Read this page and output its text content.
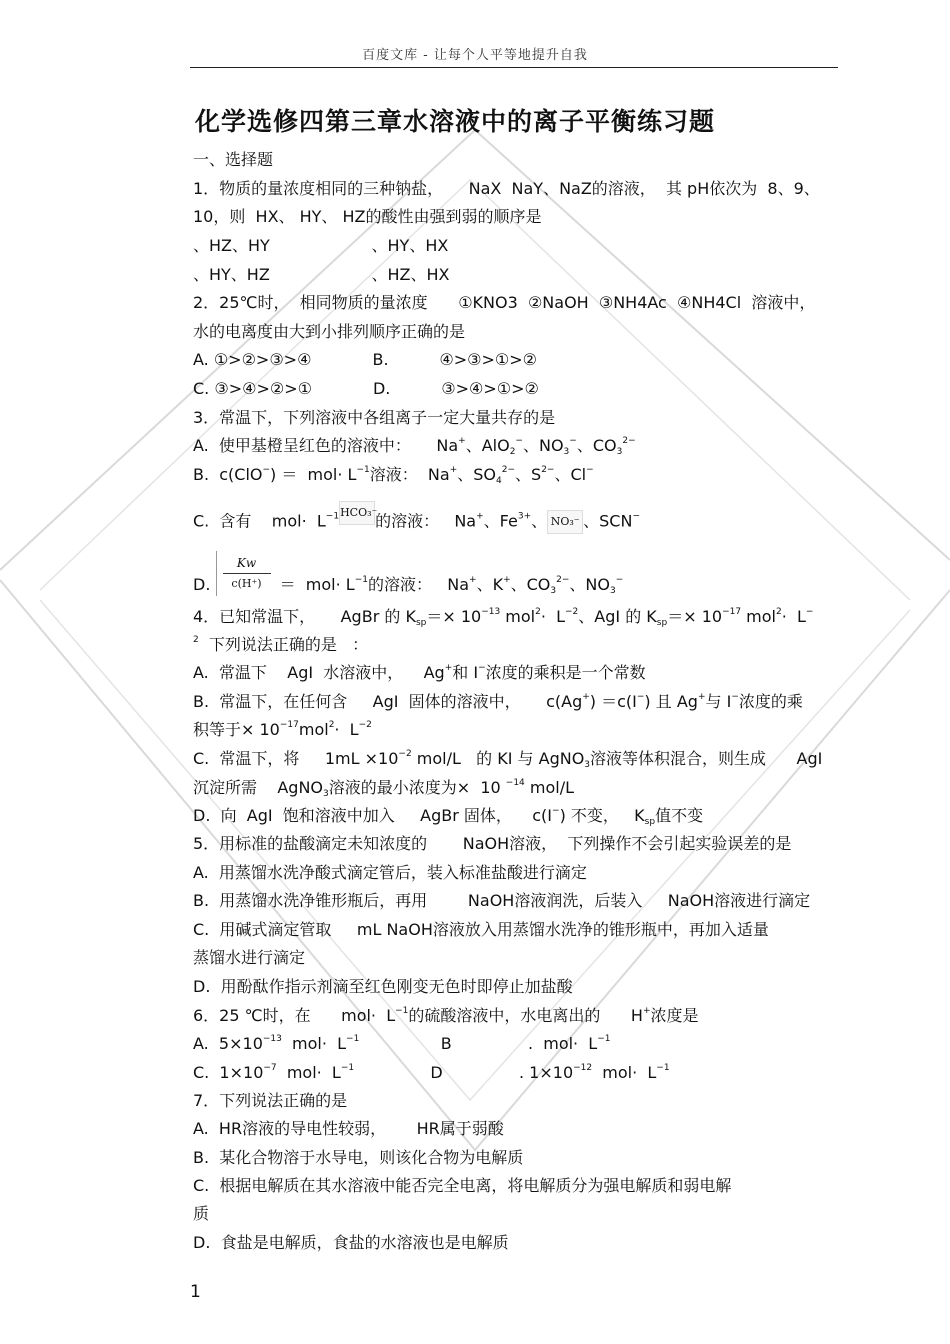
百度文库 - 让每个人平等地提升自我
化学选修四第三章水溶液中的离子平衡练习题
一、选择题
1．物质的量浓度相同的三种钠盐，     NaX  NaY、NaZ的溶液，  其 pH依次为  8、9、
10，则  HX、 HY、 HZ的酸性由强到弱的顺序是
、HZ、HY                    、HY、HX
、HY、HZ                    、HZ、HX
2．25℃时，  相同物质的量浓度      ①KNO3  ②NaOH  ③NH4Ac  ④NH4Cl  溶液中，
水的电离度由大到小排列顺序正确的是
A. ①>②>③>④            B.          ④>③>①>②
C. ③>④>②>①            D.          ③>④>①>②
3．常温下，下列溶液中各组离子一定大量共存的是
A.  使甲基橙呈红色的溶液中：     Na+、AlO$_2$−、$NO_3^-$、$CO_3^{2-}$
B.  $c(ClO^-) = mol\cdot L^{-1}$溶液：  Na+、$SO_4^{2-}$、$S^{2-}$、Cl−
C.  含有    $mol\cdot L^{-1}HCO_3^-$的溶液：   Na+、$Fe^{3+}$、 NO₃⁻ 、SCN−
D. $\frac{Kw}{c(H^+)} = mol\cdot L^{-1}$的溶液：   Na+、K+、$CO_3^{2-}$、$NO_3^-$
4．已知常温下，     AgBr 的 $K_{sp}=\times 10^{-13}$ $mol^2\cdot L^{-2}$、AgI 的 $K_{sp}=\times 10^{-17}$ mol$^2$·  L−
$^2$ 下列说法正确的是   ：
A.  常温下    AgI  水溶液中，    Ag+和 I−浓度的乘积是一个常数
B.  常温下，在任何含     AgI  固体的溶液中，     c(Ag+) ＝c(I−) 且 Ag+与 I−浓度的乘
积等于× $10^{-17}mol^2\cdot L^{-2}$
C.  常温下，将     $1mL \times 10^{-2}$ mol/L   的 KI 与 AgNO$_3$溶液等体积混合，则生成      AgI
沉淀所需    AgNO$_3$溶液的最小浓度为×  10 $^{-14}$ mol/L
D.  向  AgI  饱和溶液中加入     AgBr 固体，    c(I−) 不变，   $K_{sp}$值不变
5．用标准的盐酸滴定未知浓度的       NaOH溶液，  下列操作不会引起实验误差的是
A.  用蒸馏水洗净酸式滴定管后，装入标准盐酸进行滴定
B.  用蒸馏水洗净锥形瓶后，再用        NaOH溶液润洗，后装入     NaOH溶液进行滴定
C.  用碱式滴定管取     mL NaOH溶液放入用蒸馏水洗净的锥形瓶中，再加入适量
蒸馏水进行滴定
D.  用酚酞作指示剂滴至红色刚变无色时即停止加盐酸
6．25 ℃时，在      $mol\cdot L^{-1}$的硫酸溶液中，水电离出的      H+浓度是
A.  $5\times 10^{-13}$  $mol\cdot L^{-1}$                B               .  $mol\cdot L^{-1}$
C.  $1\times 10^{-7}$  $mol\cdot L^{-1}$               D               . $1\times 10^{-12}$  $mol\cdot L^{-1}$
7．下列说法正确的是
A.  HR溶液的导电性较弱，      HR属于弱酸
B.  某化合物溶于水导电，则该化合物为电解质
C.  根据电解质在其水溶液中能否完全电离，将电解质分为强电解质和弱电解
质
D.  食盐是电解质，食盐的水溶液也是电解质
1
